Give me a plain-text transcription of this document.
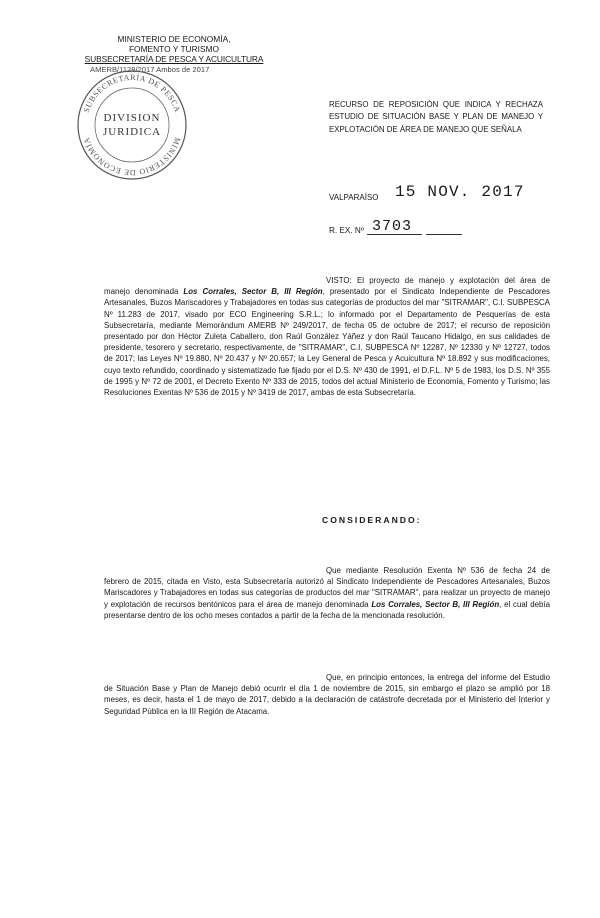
MINISTERIO DE ECONOMÍA,
FOMENTO Y TURISMO
SUBSECRETARÍA DE PESCA Y ACUICULTURA
AMERB/1128/2017 Ambos de 2017
SUBSECRETARÍA DE PESCA
MINISTERIO DE ECONOMÍA
DIVISION
JURIDICA
RECURSO DE REPOSICIÓN QUE INDICA Y RECHAZA ESTUDIO DE SITUACIÓN BASE Y PLAN DE MANEJO Y EXPLOTACIÓN DE ÁREA DE MANEJO QUE SEÑALA
VALPARAÍSO 15 NOV. 2017
R. EX. Nº 3703
VISTO: El proyecto de manejo y explotación del área de manejo denominada Los Corrales, Sector B, III Región, presentado por el Sindicato Independiente de Pescadores Artesanales, Buzos Mariscadores y Trabajadores en todas sus categorías de productos del mar "SITRAMAR", C.I. SUBPESCA Nº 11.283 de 2017, visado por ECO Engineering S.R.L.; lo informado por el Departamento de Pesquerías de esta Subsecretaría, mediante Memorándum AMERB Nº 249/2017, de fecha 05 de octubre de 2017; el recurso de reposición presentado por don Héctor Zuleta Caballero, don Raúl González Yáñez y don Raúl Taucano Hidalgo, en sus calidades de presidente, tesorero y secretario, respectivamente, de "SITRAMAR", C.I. SUBPESCA Nº 12287, Nº 12330 y Nº 12727, todos de 2017; las Leyes Nº 19.880, Nº 20.437 y Nº 20.657; la Ley General de Pesca y Acuicultura Nº 18.892 y sus modificaciones, cuyo texto refundido, coordinado y sistematizado fue fijado por el D.S. Nº 430 de 1991, el D.F.L. Nº 5 de 1983, los D.S. Nº 355 de 1995 y Nº 72 de 2001, el Decreto Exento Nº 333 de 2015, todos del actual Ministerio de Economía, Fomento y Turismo; las Resoluciones Exentas Nº 536 de 2015 y Nº 3419 de 2017, ambas de esta Subsecretaría.
CONSIDERANDO:
Que mediante Resolución Exenta Nº 536 de fecha 24 de febrero de 2015, citada en Visto, esta Subsecretaría autorizó al Sindicato Independiente de Pescadores Artesanales, Buzos Mariscadores y Trabajadores en todas sus categorías de productos del mar "SITRAMAR", para realizar un proyecto de manejo y explotación de recursos bentónicos para el área de manejo denominada Los Corrales, Sector B, III Región, el cual debía presentarse dentro de los ocho meses contados a partir de la fecha de la mencionada resolución.
Que, en principio entonces, la entrega del informe del Estudio de Situación Base y Plan de Manejo debió ocurrir el día 1 de noviembre de 2015, sin embargo el plazo se amplió por 18 meses, es decir, hasta el 1 de mayo de 2017, debido a la declaración de catástrofe decretada por el Ministerio del Interior y Seguridad Pública en la III Región de Atacama.
